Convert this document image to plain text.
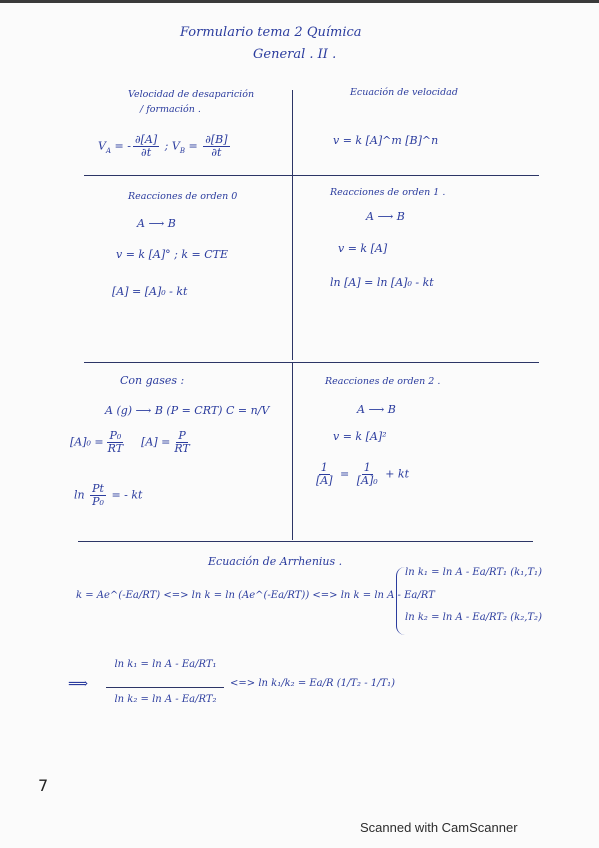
Formulario tema 2 Química
General . II .
Velocidad de desaparición
/ formación .
$V_A$ = - $\frac{\partial[A]}{\partial t}$ ; $V_B = \frac{\partial[B]}{\partial t}$
Ecuación de velocidad
v = k [A]^m [B]^n
Reacciones de orden 0
A ⟶ B
v = k [A]° ; k = CTE
[A] = [A]₀ - kt
Reacciones de orden 1 .
A ⟶ B
v = k [A]
ln [A] = ln [A]₀ - kt
Con gases :
A (g) ⟶ B (P = CRT) C = n/V
$[A]_0 = \frac{\text{P₀}}{RT} [A] = \frac{P}{RT}$
$\ln \frac{Pt}{\text{P₀}}$ = - kt
Reacciones de orden 2 .
A ⟶ B
v = k [A]²
$\frac{1}{[A]} = \frac{1}{\text{[A]₀}}$ + kt
Ecuación de Arrhenius .
k = Ae^(-Ea/RT) <=> ln k = ln (Ae^(-Ea/RT)) <=> ln k = ln A - Ea/RT
ln k₁ = ln A - Ea/RT₁ (k₁,T₁)
ln k₂ = ln A - Ea/RT₂ (k₂,T₂)
⟹
ln k₁ = ln A - Ea/RT₁
ln k₂ = ln A - Ea/RT₂
<=> ln k₁/k₂ = Ea/R (1/T₂ - 1/T₁)
7
Scanned with CamScanner
